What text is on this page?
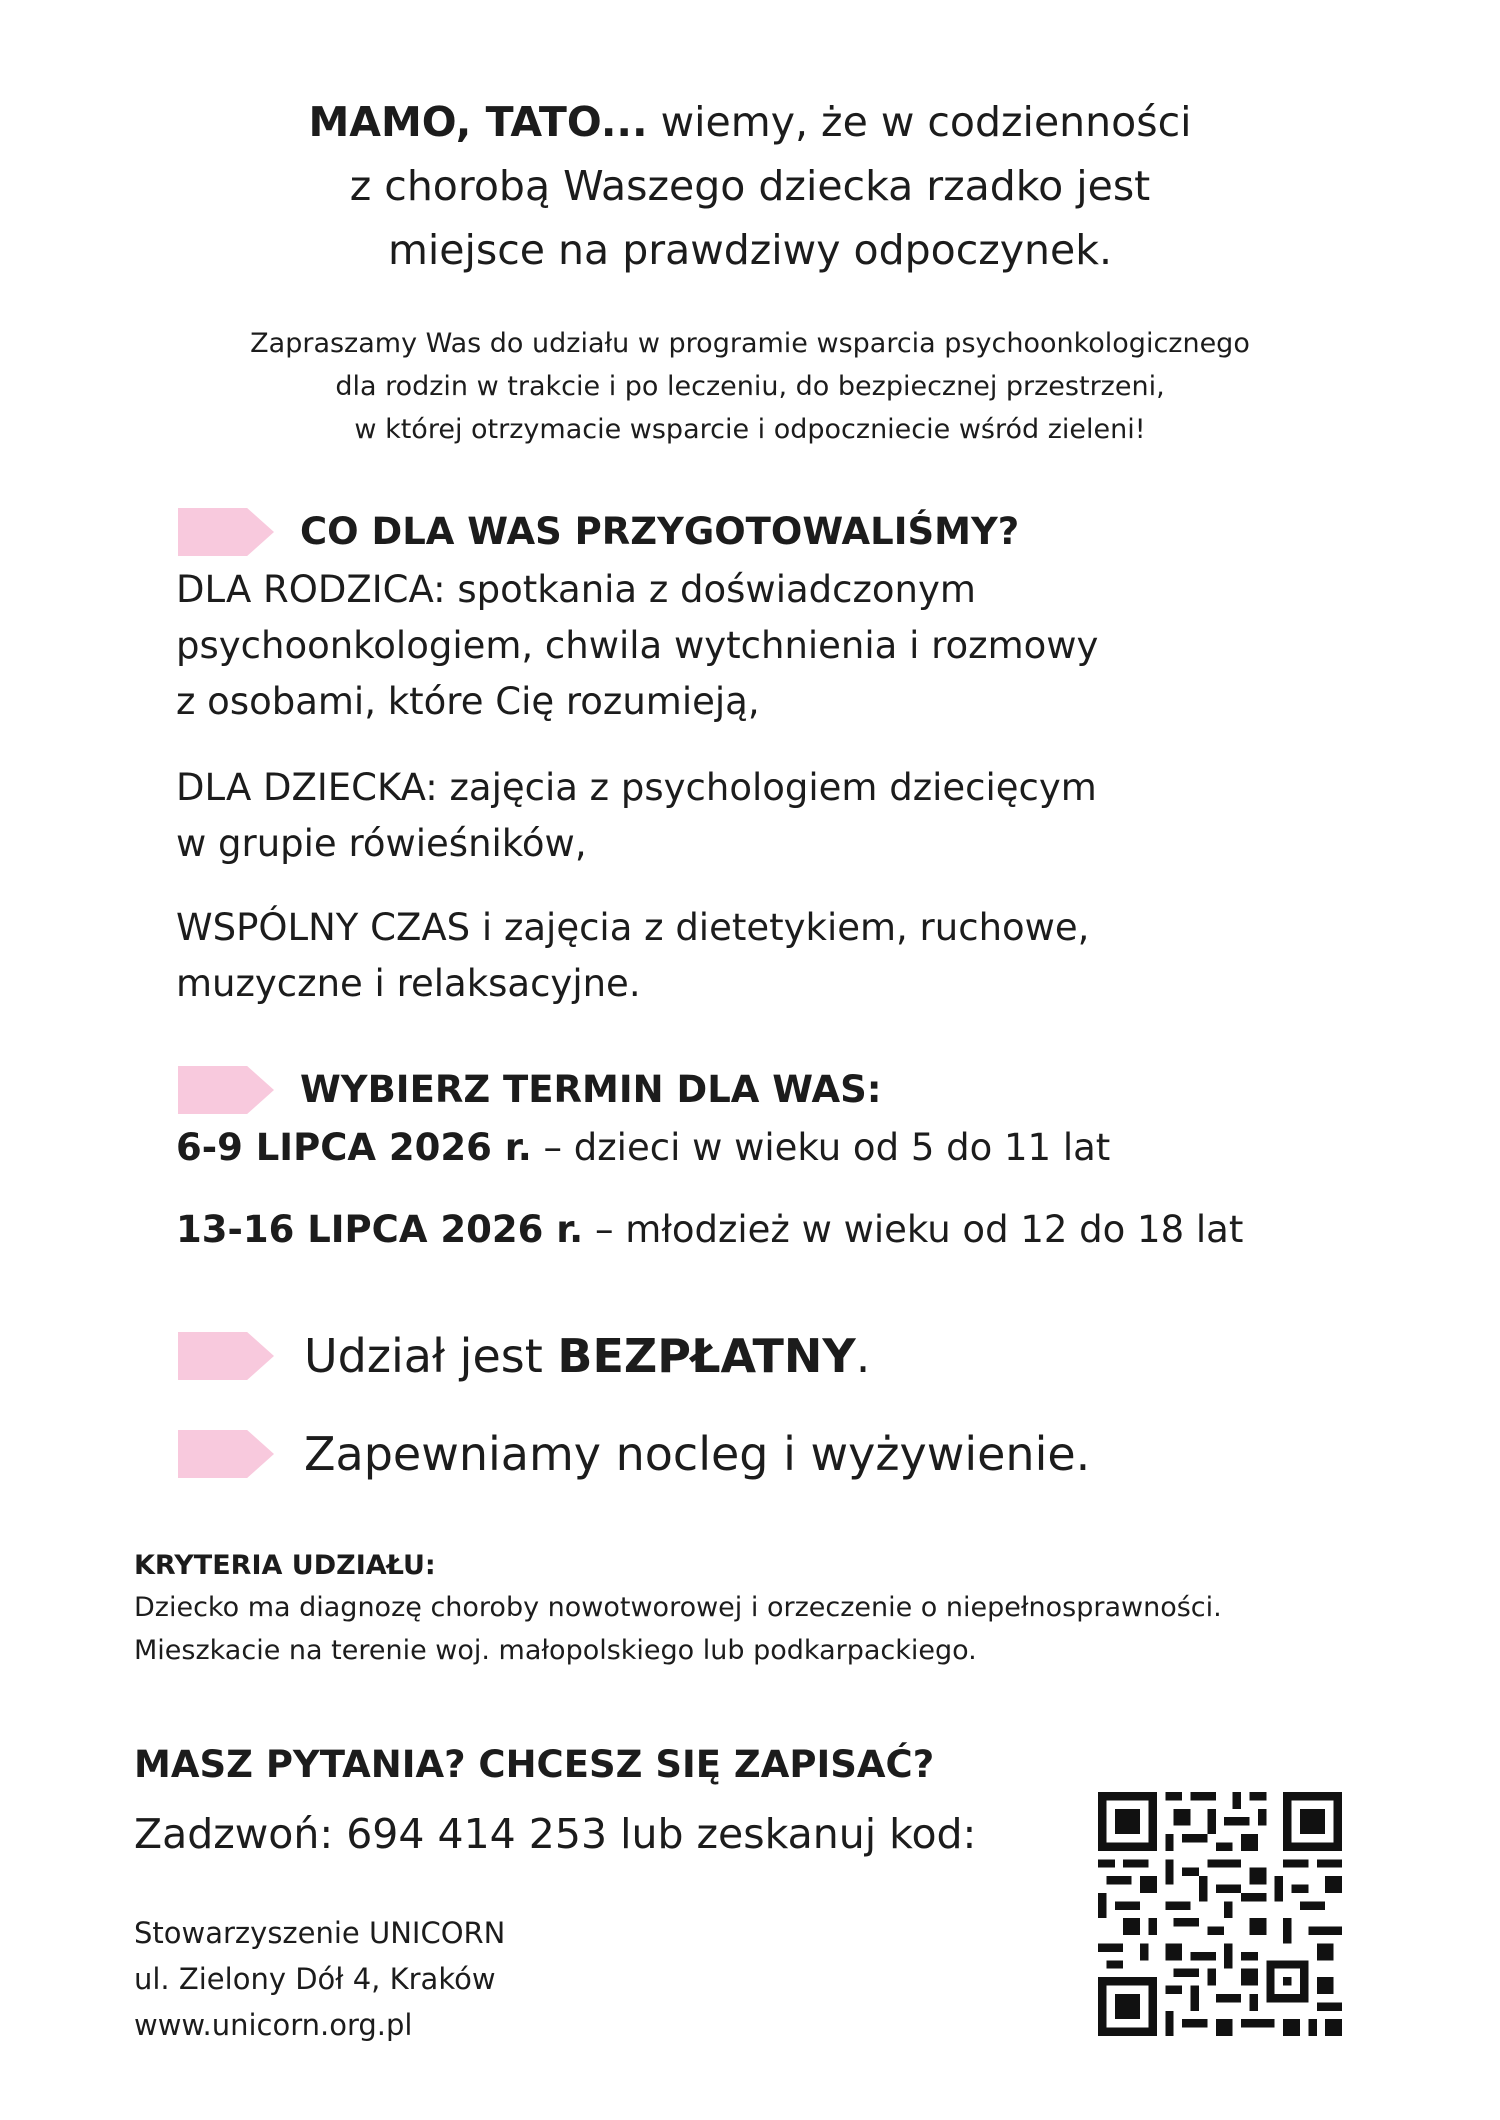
MAMO, TATO... wiemy, że w codzienności
z chorobą Waszego dziecka rzadko jest
miejsce na prawdziwy odpoczynek.
Zapraszamy Was do udziału w programie wsparcia psychoonkologicznego
dla rodzin w trakcie i po leczeniu, do bezpiecznej przestrzeni,
w której otrzymacie wsparcie i odpoczniecie wśród zieleni!
CO DLA WAS PRZYGOTOWALIŚMY?
DLA RODZICA: spotkania z doświadczonym
psychoonkologiem, chwila wytchnienia i rozmowy
z osobami, które Cię rozumieją,
DLA DZIECKA: zajęcia z psychologiem dziecięcym
w grupie rówieśników,
WSPÓLNY CZAS i zajęcia z dietetykiem, ruchowe,
muzyczne i relaksacyjne.
WYBIERZ TERMIN DLA WAS:
6-9 LIPCA 2026 r. – dzieci w wieku od 5 do 11 lat
13-16 LIPCA 2026 r. – młodzież w wieku od 12 do 18 lat
Udział jest BEZPŁATNY.
Zapewniamy nocleg i wyżywienie.
KRYTERIA UDZIAŁU:
Dziecko ma diagnozę choroby nowotworowej i orzeczenie o niepełnosprawności.
Mieszkacie na terenie woj. małopolskiego lub podkarpackiego.
MASZ PYTANIA? CHCESZ SIĘ ZAPISAĆ?
Zadzwoń: 694 414 253 lub zeskanuj kod:
Stowarzyszenie UNICORN
ul. Zielony Dół 4, Kraków
www.unicorn.org.pl
